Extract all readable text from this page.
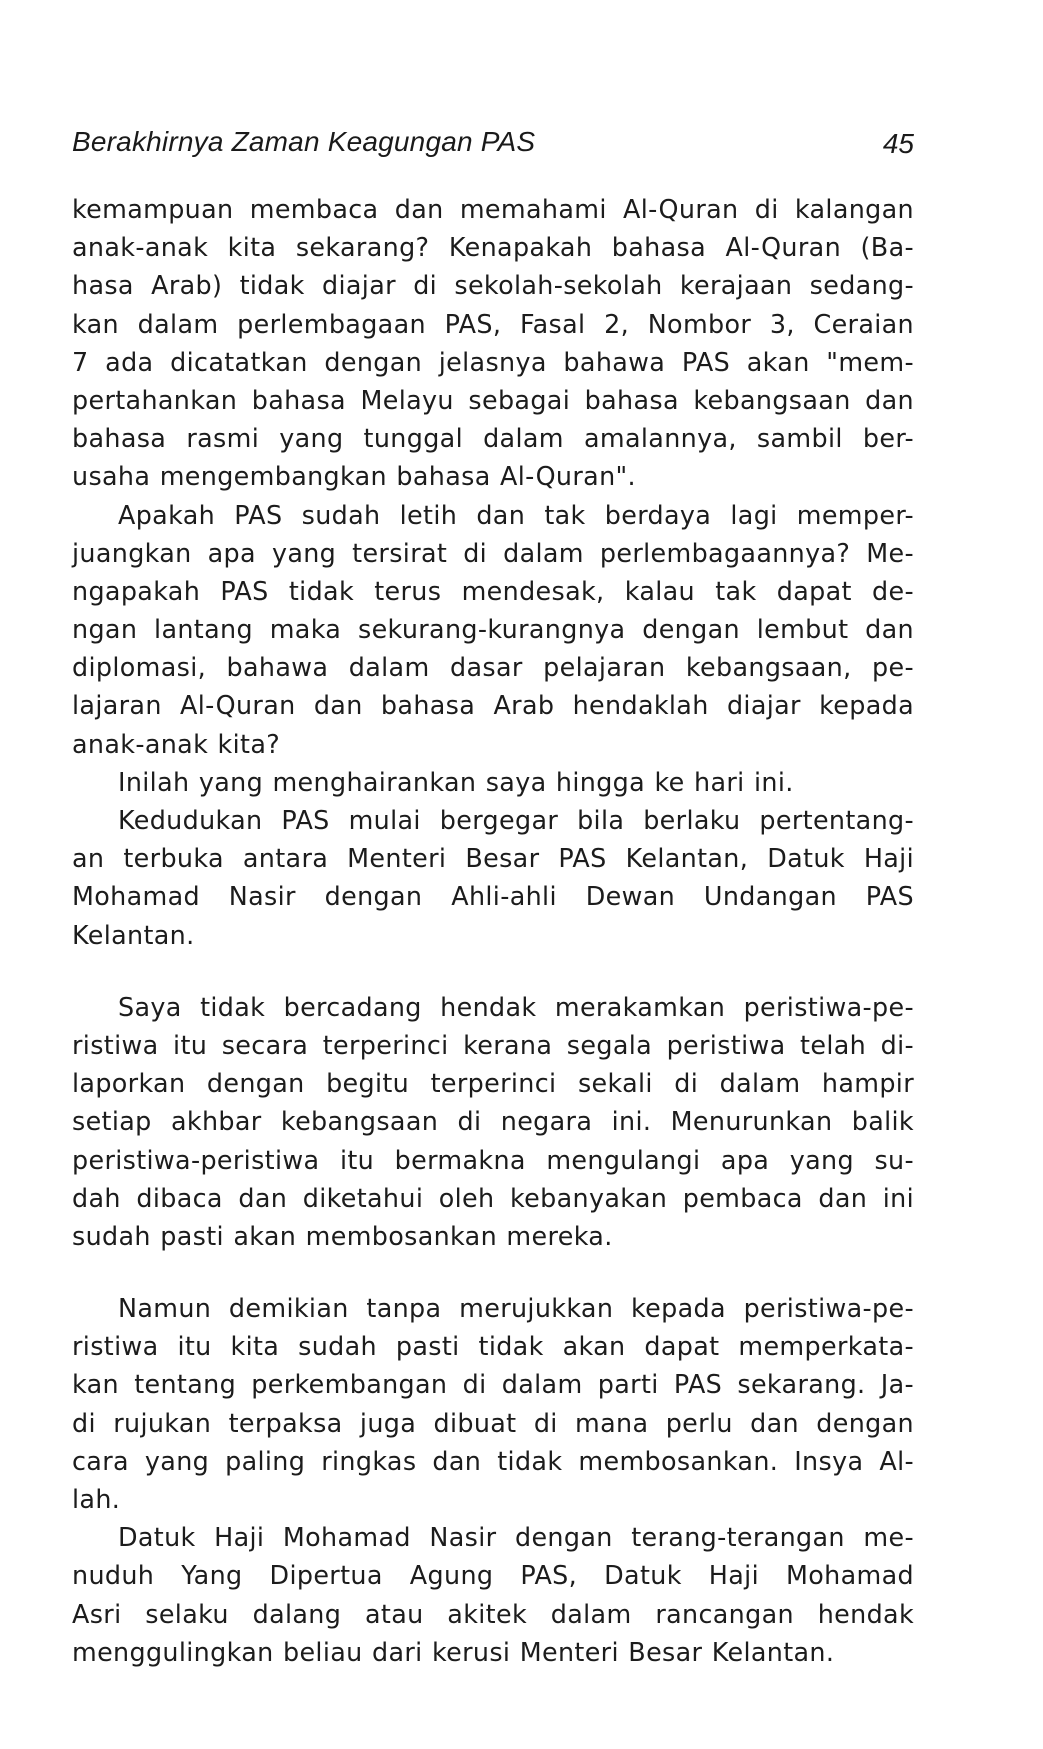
Berakhirnya Zaman Keagungan PAS	45
kemampuan membaca dan memahami Al-Quran di kalangan
anak-anak kita sekarang? Kenapakah bahasa Al-Quran (Ba-
hasa Arab) tidak diajar di sekolah-sekolah kerajaan sedang-
kan dalam perlembagaan PAS, Fasal 2, Nombor 3, Ceraian
7 ada dicatatkan dengan jelasnya bahawa PAS akan "mem-
pertahankan bahasa Melayu sebagai bahasa kebangsaan dan
bahasa rasmi yang tunggal dalam amalannya, sambil ber-
usaha mengembangkan bahasa Al-Quran".
Apakah PAS sudah letih dan tak berdaya lagi memper-
juangkan apa yang tersirat di dalam perlembagaannya? Me-
ngapakah PAS tidak terus mendesak, kalau tak dapat de-
ngan lantang maka sekurang-kurangnya dengan lembut dan
diplomasi, bahawa dalam dasar pelajaran kebangsaan, pe-
lajaran Al-Quran dan bahasa Arab hendaklah diajar kepada
anak-anak kita?
Inilah yang menghairankan saya hingga ke hari ini.
Kedudukan PAS mulai bergegar bila berlaku pertentang-
an terbuka antara Menteri Besar PAS Kelantan, Datuk Haji
Mohamad Nasir dengan Ahli-ahli Dewan Undangan PAS
Kelantan.
Saya tidak bercadang hendak merakamkan peristiwa-pe-
ristiwa itu secara terperinci kerana segala peristiwa telah di-
laporkan dengan begitu terperinci sekali di dalam hampir
setiap akhbar kebangsaan di negara ini. Menurunkan balik
peristiwa-peristiwa itu bermakna mengulangi apa yang su-
dah dibaca dan diketahui oleh kebanyakan pembaca dan ini
sudah pasti akan membosankan mereka.
Namun demikian tanpa merujukkan kepada peristiwa-pe-
ristiwa itu kita sudah pasti tidak akan dapat memperkata-
kan tentang perkembangan di dalam parti PAS sekarang. Ja-
di rujukan terpaksa juga dibuat di mana perlu dan dengan
cara yang paling ringkas dan tidak membosankan. Insya Al-
lah.
Datuk Haji Mohamad Nasir dengan terang-terangan me-
nuduh Yang Dipertua Agung PAS, Datuk Haji Mohamad
Asri selaku dalang atau akitek dalam rancangan hendak
menggulingkan beliau dari kerusi Menteri Besar Kelantan.
